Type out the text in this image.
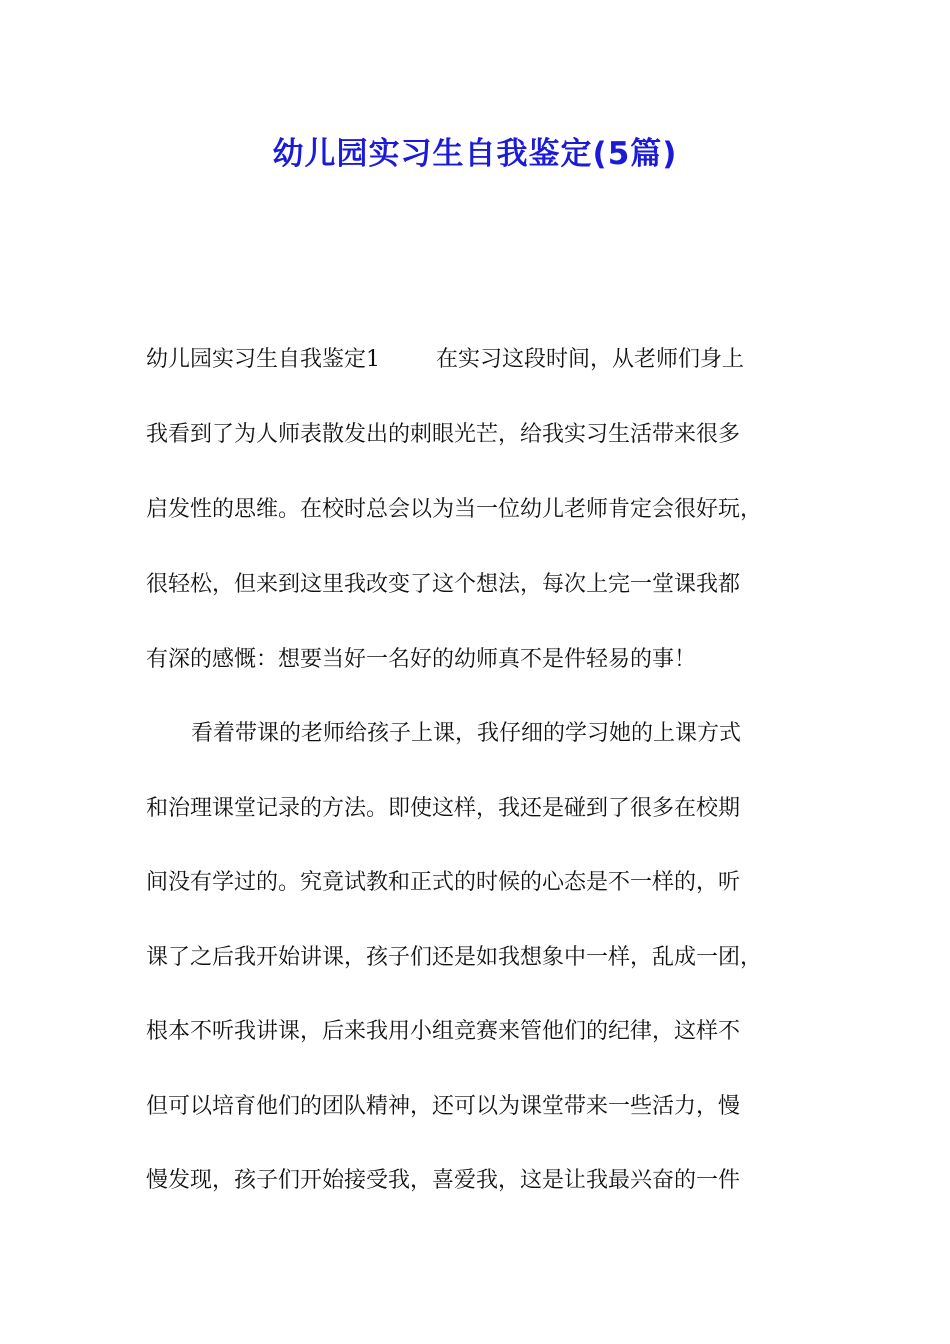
幼儿园实习生自我鉴定(5篇)

幼儿园实习生自我鉴定1	在实习这段时间，从老师们身上

我看到了为人师表散发出的刺眼光芒，给我实习生活带来很多

启发性的思维。在校时总会以为当一位幼儿老师肯定会很好玩，

很轻松，但来到这里我改变了这个想法，每次上完一堂课我都

有深的感慨：想要当好一名好的幼师真不是件轻易的事！

看着带课的老师给孩子上课，我仔细的学习她的上课方式

和治理课堂记录的方法。即使这样，我还是碰到了很多在校期

间没有学过的。究竟试教和正式的时候的心态是不一样的，听

课了之后我开始讲课，孩子们还是如我想象中一样，乱成一团，

根本不听我讲课，后来我用小组竞赛来管他们的纪律，这样不

但可以培育他们的团队精神，还可以为课堂带来一些活力，慢

慢发现，孩子们开始接受我，喜爱我，这是让我最兴奋的一件
